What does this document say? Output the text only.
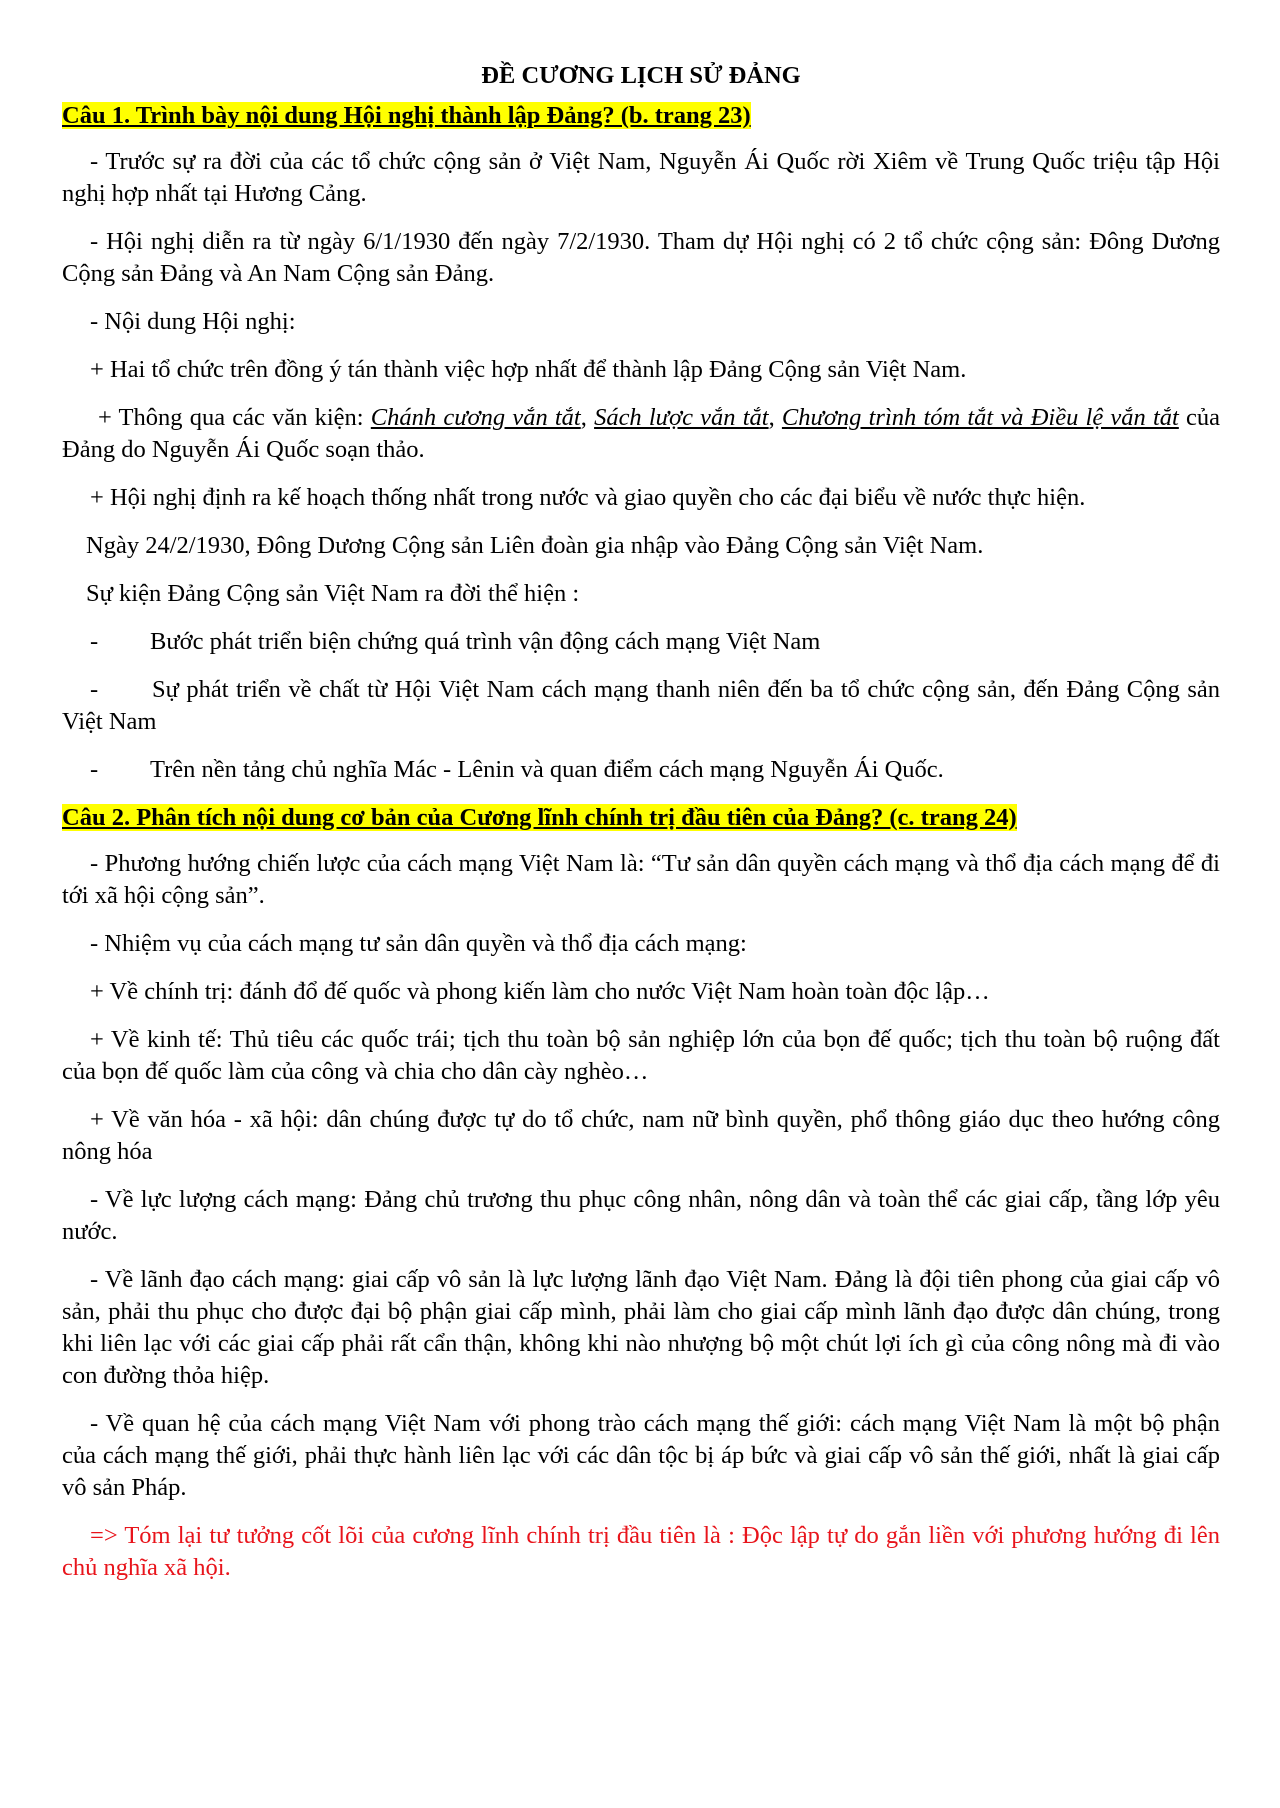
ĐỀ CƯƠNG LỊCH SỬ ĐẢNG
Câu 1. Trình bày nội dung Hội nghị thành lập Đảng? (b. trang 23)
- Trước sự ra đời của các tổ chức cộng sản ở Việt Nam, Nguyễn Ái Quốc rời Xiêm về Trung Quốc triệu tập Hội nghị hợp nhất tại Hương Cảng.
- Hội nghị diễn ra từ ngày 6/1/1930 đến ngày 7/2/1930. Tham dự Hội nghị có 2 tổ chức cộng sản: Đông Dương Cộng sản Đảng và An Nam Cộng sản Đảng.
- Nội dung Hội nghị:
+ Hai tổ chức trên đồng ý tán thành việc hợp nhất để thành lập Đảng Cộng sản Việt Nam.
+ Thông qua các văn kiện: Chánh cương vắn tắt, Sách lược vắn tắt, Chương trình tóm tắt và Điều lệ vắn tắt của Đảng do Nguyễn Ái Quốc soạn thảo.
+ Hội nghị định ra kế hoạch thống nhất trong nước và giao quyền cho các đại biểu về nước thực hiện.
Ngày 24/2/1930, Đông Dương Cộng sản Liên đoàn gia nhập vào Đảng Cộng sản Việt Nam.
Sự kiện Đảng Cộng sản Việt Nam ra đời thể hiện :
-	Bước phát triển biện chứng quá trình vận động cách mạng Việt Nam
- Sự phát triển về chất từ Hội Việt Nam cách mạng thanh niên đến ba tổ chức cộng sản, đến Đảng Cộng sản Việt Nam
-	Trên nền tảng chủ nghĩa Mác - Lênin và quan điểm cách mạng Nguyễn Ái Quốc.
Câu 2. Phân tích nội dung cơ bản của Cương lĩnh chính trị đầu tiên của Đảng? (c. trang 24)
- Phương hướng chiến lược của cách mạng Việt Nam là: “Tư sản dân quyền cách mạng và thổ địa cách mạng để đi tới xã hội cộng sản”.
- Nhiệm vụ của cách mạng tư sản dân quyền và thổ địa cách mạng:
+ Về chính trị: đánh đổ đế quốc và phong kiến làm cho nước Việt Nam hoàn toàn độc lập…
+ Về kinh tế: Thủ tiêu các quốc trái; tịch thu toàn bộ sản nghiệp lớn của bọn đế quốc; tịch thu toàn bộ ruộng đất của bọn đế quốc làm của công và chia cho dân cày nghèo…
+ Về văn hóa - xã hội: dân chúng được tự do tổ chức, nam nữ bình quyền, phổ thông giáo dục theo hướng công nông hóa
- Về lực lượng cách mạng: Đảng chủ trương thu phục công nhân, nông dân và toàn thể các giai cấp, tầng lớp yêu nước.
- Về lãnh đạo cách mạng: giai cấp vô sản là lực lượng lãnh đạo Việt Nam. Đảng là đội tiên phong của giai cấp vô sản, phải thu phục cho được đại bộ phận giai cấp mình, phải làm cho giai cấp mình lãnh đạo được dân chúng, trong khi liên lạc với các giai cấp phải rất cẩn thận, không khi nào nhượng bộ một chút lợi ích gì của công nông mà đi vào con đường thỏa hiệp.
- Về quan hệ của cách mạng Việt Nam với phong trào cách mạng thế giới: cách mạng Việt Nam là một bộ phận của cách mạng thế giới, phải thực hành liên lạc với các dân tộc bị áp bức và giai cấp vô sản thế giới, nhất là giai cấp vô sản Pháp.
=> Tóm lại tư tưởng cốt lõi của cương lĩnh chính trị đầu tiên là : Độc lập tự do gắn liền với phương hướng đi lên chủ nghĩa xã hội.
